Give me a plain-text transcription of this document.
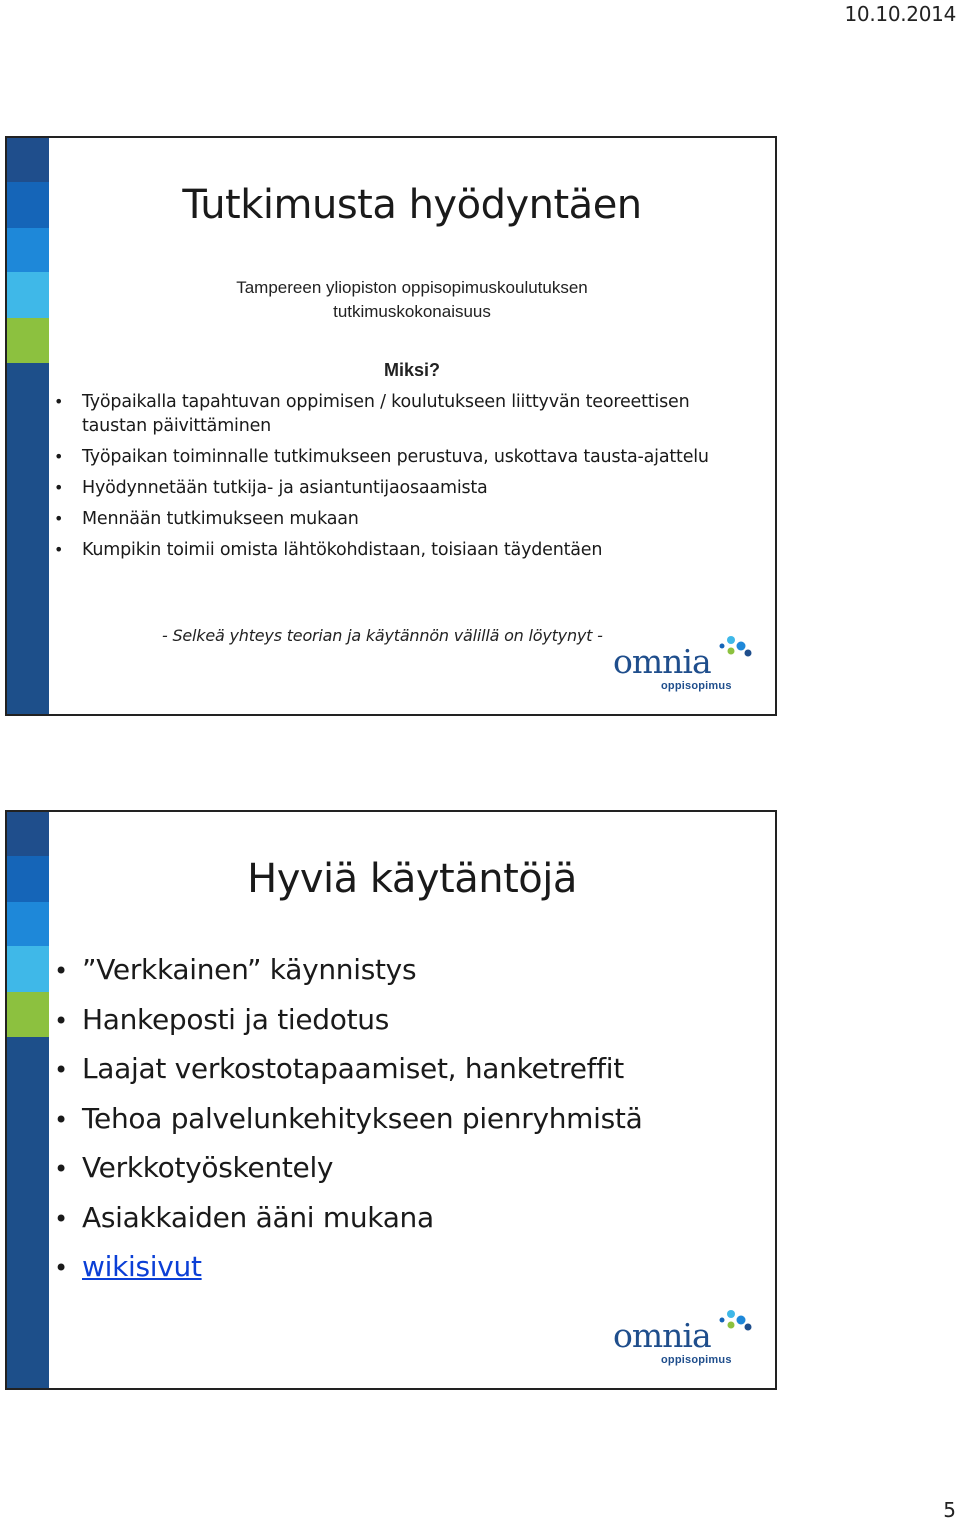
10.10.2014
Tutkimusta hyödyntäen
Tampereen yliopiston oppisopimuskoulutuksen
tutkimuskokonaisuus
Miksi?
• Työpaikalla tapahtuvan oppimisen / koulutukseen liittyvän teoreettisen taustan päivittäminen
• Työpaikan toiminnalle tutkimukseen perustuva, uskottava tausta-ajattelu
• Hyödynnetään tutkija- ja asiantuntijaosaamista
• Mennään tutkimukseen mukaan
• Kumpikin toimii omista lähtökohdistaan, toisiaan täydentäen
- Selkeä yhteys teorian ja käytännön välillä on löytynyt -
omnia
oppisopimus
Hyviä käytäntöjä
• ”Verkkainen” käynnistys
• Hankeposti ja tiedotus
• Laajat verkostotapaamiset, hanketreffit
• Tehoa palvelunkehitykseen pienryhmistä
• Verkkotyöskentely
• Asiakkaiden ääni mukana
• wikisivut
omnia
oppisopimus
5
